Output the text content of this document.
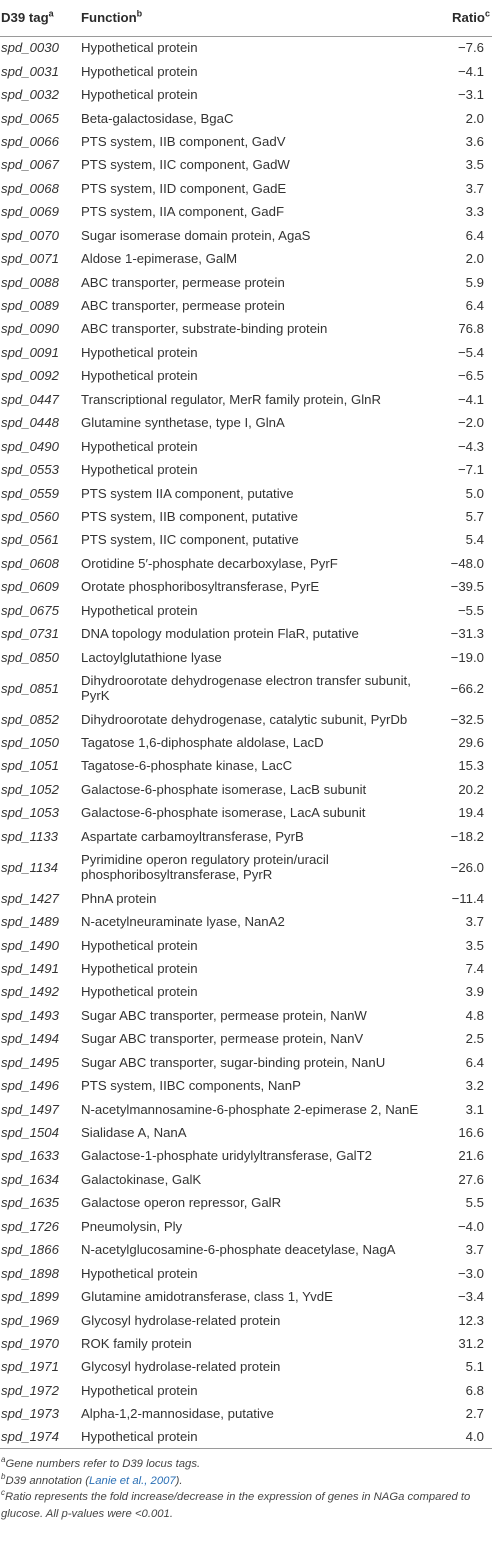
D39 tag$^a$	Function$^b$	Ratio$^c$
spd_0030	Hypothetical protein	−7.6
spd_0031	Hypothetical protein	−4.1
spd_0032	Hypothetical protein	−3.1
spd_0065	Beta-galactosidase, BgaC	2.0
spd_0066	PTS system, IIB component, GadV	3.6
spd_0067	PTS system, IIC component, GadW	3.5
spd_0068	PTS system, IID component, GadE	3.7
spd_0069	PTS system, IIA component, GadF	3.3
spd_0070	Sugar isomerase domain protein, AgaS	6.4
spd_0071	Aldose 1-epimerase, GalM	2.0
spd_0088	ABC transporter, permease protein	5.9
spd_0089	ABC transporter, permease protein	6.4
spd_0090	ABC transporter, substrate-binding protein	76.8
spd_0091	Hypothetical protein	−5.4
spd_0092	Hypothetical protein	−6.5
spd_0447	Transcriptional regulator, MerR family protein, GlnR	−4.1
spd_0448	Glutamine synthetase, type I, GlnA	−2.0
spd_0490	Hypothetical protein	−4.3
spd_0553	Hypothetical protein	−7.1
spd_0559	PTS system IIA component, putative	5.0
spd_0560	PTS system, IIB component, putative	5.7
spd_0561	PTS system, IIC component, putative	5.4
spd_0608	Orotidine 5′-phosphate decarboxylase, PyrF	−48.0
spd_0609	Orotate phosphoribosyltransferase, PyrE	−39.5
spd_0675	Hypothetical protein	−5.5
spd_0731	DNA topology modulation protein FlaR, putative	−31.3
spd_0850	Lactoylglutathione lyase	−19.0
spd_0851	Dihydroorotate dehydrogenase electron transfer subunit, PyrK	−66.2
spd_0852	Dihydroorotate dehydrogenase, catalytic subunit, PyrDb	−32.5
spd_1050	Tagatose 1,6-diphosphate aldolase, LacD	29.6
spd_1051	Tagatose-6-phosphate kinase, LacC	15.3
spd_1052	Galactose-6-phosphate isomerase, LacB subunit	20.2
spd_1053	Galactose-6-phosphate isomerase, LacA subunit	19.4
spd_1133	Aspartate carbamoyltransferase, PyrB	−18.2
spd_1134	Pyrimidine operon regulatory protein/uracil phosphoribosyltransferase, PyrR	−26.0
spd_1427	PhnA protein	−11.4
spd_1489	N-acetylneuraminate lyase, NanA2	3.7
spd_1490	Hypothetical protein	3.5
spd_1491	Hypothetical protein	7.4
spd_1492	Hypothetical protein	3.9
spd_1493	Sugar ABC transporter, permease protein, NanW	4.8
spd_1494	Sugar ABC transporter, permease protein, NanV	2.5
spd_1495	Sugar ABC transporter, sugar-binding protein, NanU	6.4
spd_1496	PTS system, IIBC components, NanP	3.2
spd_1497	N-acetylmannosamine-6-phosphate 2-epimerase 2, NanE	3.1
spd_1504	Sialidase A, NanA	16.6
spd_1633	Galactose-1-phosphate uridylyltransferase, GalT2	21.6
spd_1634	Galactokinase, GalK	27.6
spd_1635	Galactose operon repressor, GalR	5.5
spd_1726	Pneumolysin, Ply	−4.0
spd_1866	N-acetylglucosamine-6-phosphate deacetylase, NagA	3.7
spd_1898	Hypothetical protein	−3.0
spd_1899	Glutamine amidotransferase, class 1, YvdE	−3.4
spd_1969	Glycosyl hydrolase-related protein	12.3
spd_1970	ROK family protein	31.2
spd_1971	Glycosyl hydrolase-related protein	5.1
spd_1972	Hypothetical protein	6.8
spd_1973	Alpha-1,2-mannosidase, putative	2.7
spd_1974	Hypothetical protein	4.0
$^a$Gene numbers refer to D39 locus tags.
$^b$D39 annotation (Lanie et al., 2007).
$^c$Ratio represents the fold increase/decrease in the expression of genes in NAGa compared to glucose. All p-values were <0.001.
